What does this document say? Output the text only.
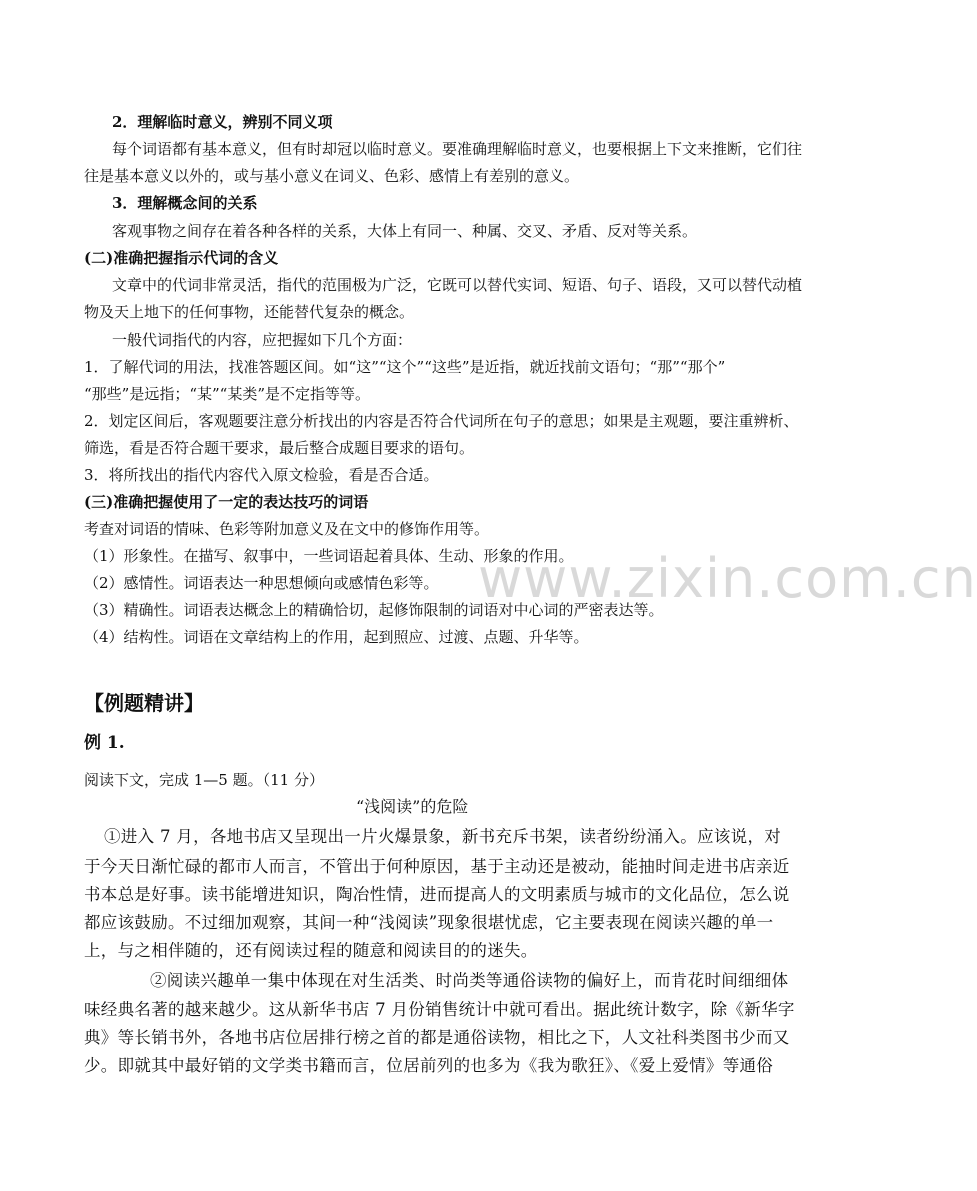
www.zixin.com.cn
2．理解临时意义，辨别不同义项
每个词语都有基本意义，但有时却冠以临时意义。要准确理解临时意义，也要根据上下文来推断，它们往
往是基本意义以外的，或与基小意义在词义、色彩、感情上有差别的意义。
3．理解概念间的关系
客观事物之间存在着各种各样的关系，大体上有同一、种属、交叉、矛盾、反对等关系。
(二)准确把握指示代词的含义
文章中的代词非常灵活，指代的范围极为广泛，它既可以替代实词、短语、句子、语段，又可以替代动植
物及天上地下的任何事物，还能替代复杂的概念。
一般代词指代的内容，应把握如下几个方面：
1．了解代词的用法，找准答题区间。如“这”“这个”“这些”是近指，就近找前文语句；“那”“那个”
“那些”是远指；“某”“某类”是不定指等等。
2．划定区间后，客观题要注意分析找出的内容是否符合代词所在句子的意思；如果是主观题，要注重辨析、
筛选，看是否符合题干要求，最后整合成题目要求的语句。
3．将所找出的指代内容代入原文检验，看是否合适。
(三)准确把握使用了一定的表达技巧的词语
考查对词语的情味、色彩等附加意义及在文中的修饰作用等。
（1）形象性。在描写、叙事中，一些词语起着具体、生动、形象的作用。
（2）感情性。词语表达一种思想倾向或感情色彩等。
（3）精确性。词语表达概念上的精确恰切，起修饰限制的词语对中心词的严密表达等。
（4）结构性。词语在文章结构上的作用，起到照应、过渡、点题、升华等。
【例题精讲】
例 1.
阅读下文，完成 1—5 题。（11 分）
“浅阅读”的危险
①进入 7 月，各地书店又呈现出一片火爆景象，新书充斥书架，读者纷纷涌入。应该说，对
于今天日渐忙碌的都市人而言，不管出于何种原因，基于主动还是被动，能抽时间走进书店亲近
书本总是好事。读书能增进知识，陶冶性情，进而提高人的文明素质与城市的文化品位，怎么说
都应该鼓励。不过细加观察，其间一种“浅阅读”现象很堪忧虑，它主要表现在阅读兴趣的单一
上，与之相伴随的，还有阅读过程的随意和阅读目的的迷失。
②阅读兴趣单一集中体现在对生活类、时尚类等通俗读物的偏好上，而肯花时间细细体
味经典名著的越来越少。这从新华书店 7 月份销售统计中就可看出。据此统计数字，除《新华字
典》等长销书外，各地书店位居排行榜之首的都是通俗读物，相比之下，人文社科类图书少而又
少。即就其中最好销的文学类书籍而言，位居前列的也多为《我为歌狂》、《爱上爱情》等通俗
